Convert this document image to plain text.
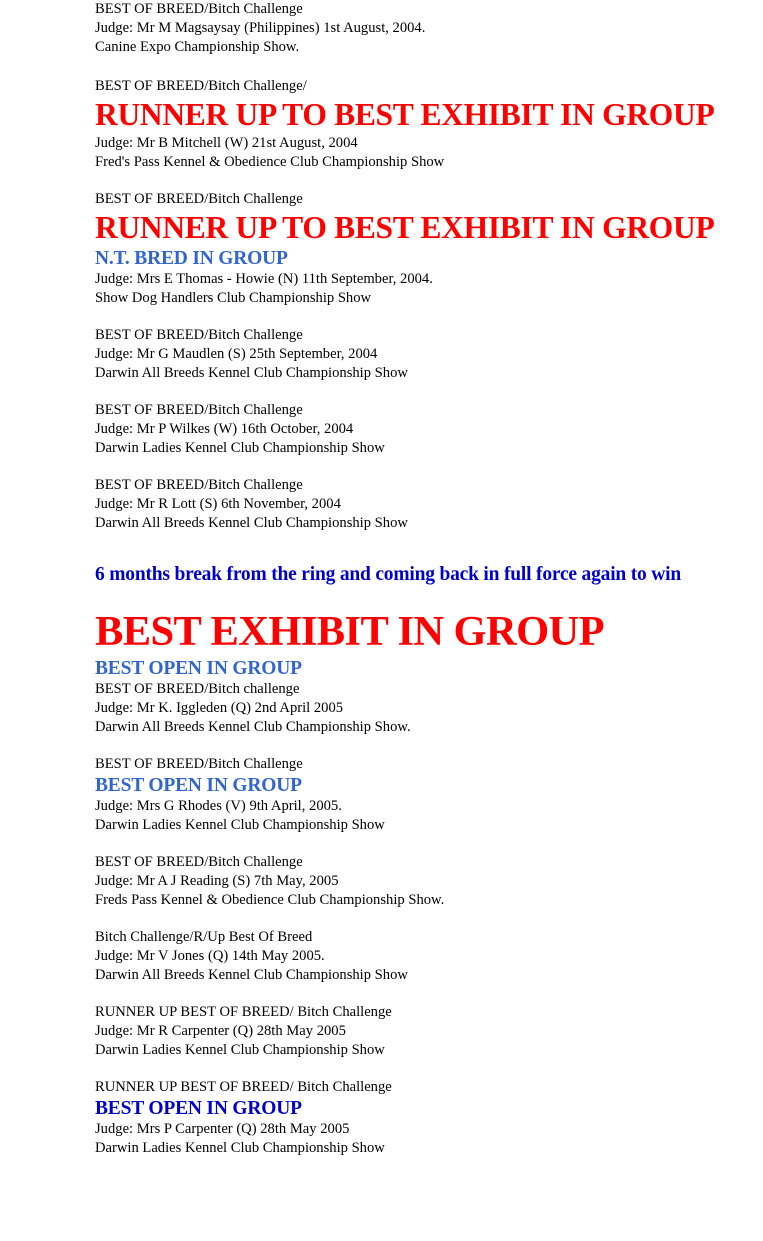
BEST OF BREED/Bitch Challenge
Judge: Mr M Magsaysay (Philippines) 1st August, 2004.
Canine Expo Championship Show.
BEST OF BREED/Bitch Challenge/
RUNNER UP TO BEST EXHIBIT IN GROUP
Judge: Mr B Mitchell (W) 21st August, 2004
Fred's Pass Kennel & Obedience Club Championship Show
BEST OF BREED/Bitch Challenge
RUNNER UP TO BEST EXHIBIT IN GROUP
N.T. BRED IN GROUP
Judge: Mrs E Thomas - Howie (N) 11th September, 2004.
Show Dog Handlers Club Championship Show
BEST OF BREED/Bitch Challenge
Judge: Mr G Maudlen (S) 25th September, 2004
Darwin All Breeds Kennel Club Championship Show
BEST OF BREED/Bitch Challenge
Judge: Mr P Wilkes (W) 16th October, 2004
Darwin Ladies Kennel Club Championship Show
BEST OF BREED/Bitch Challenge
Judge: Mr R Lott (S) 6th November, 2004
Darwin All Breeds Kennel Club Championship Show
6 months break from the ring and coming back in full force again to win
BEST EXHIBIT IN GROUP
BEST OPEN IN GROUP
BEST OF BREED/Bitch challenge
Judge: Mr K. Iggleden (Q) 2nd April 2005
Darwin All Breeds Kennel Club Championship Show.
BEST OF BREED/Bitch Challenge
BEST OPEN IN GROUP
Judge: Mrs G Rhodes (V) 9th April, 2005.
Darwin Ladies Kennel Club Championship Show
BEST OF BREED/Bitch Challenge
Judge: Mr A J Reading (S) 7th May, 2005
Freds Pass Kennel & Obedience Club Championship Show.
Bitch Challenge/R/Up Best Of Breed
Judge: Mr V Jones (Q) 14th May 2005.
Darwin All Breeds Kennel Club Championship Show
RUNNER UP BEST OF BREED/ Bitch Challenge
Judge: Mr R Carpenter (Q) 28th May 2005
Darwin Ladies Kennel Club Championship Show
RUNNER UP BEST OF BREED/ Bitch Challenge
BEST OPEN IN GROUP
Judge: Mrs P Carpenter (Q) 28th May 2005
Darwin Ladies Kennel Club Championship Show
